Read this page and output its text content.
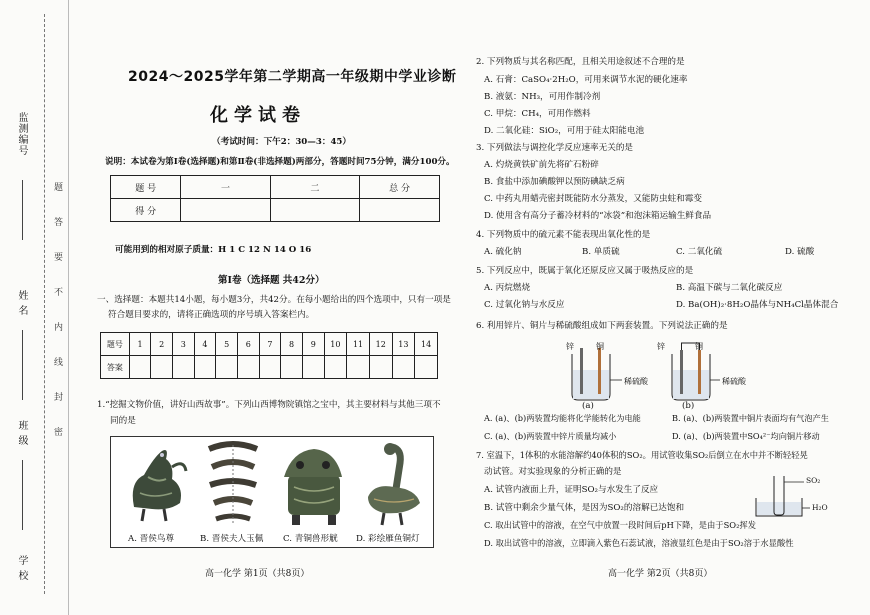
监测编号
姓 名
班 级
学 校
题
答
要
不
内
线
封
密
2024～2025学年第二学期高一年级期中学业诊断
化学试卷
（考试时间：下午2：30—3：45）
说明：本试卷为第Ⅰ卷(选择题)和第Ⅱ卷(非选择题)两部分，答题时间75分钟，满分100分。
题 号	一	二	总 分
得 分			
可能用到的相对原子质量：H 1 C 12 N 14 O 16
第Ⅰ卷（选择题 共42分）
一、选择题：本题共14小题，每小题3分，共42分。在每小题给出的四个选项中，只有一项是
符合题目要求的，请将正确选项的序号填入答案栏内。
题号	1	2	3	4	5	6	7	8	9	10	11	12	13	14
答案														
1.“挖掘文物价值，讲好山西故事”。下列山西博物院镇馆之宝中，其主要材料与其他三项不
同的是
A. 晋侯鸟尊	B. 晋侯夫人玉佩 C. 青铜兽形觥 D. 彩绘雁鱼铜灯
高一化学 第1页（共8页）
2. 下列物质与其名称匹配，且相关用途叙述不合理的是
A. 石膏：CaSO₄·2H₂O，可用来调节水泥的硬化速率
B. 液氨：NH₃，可用作制冷剂
C. 甲烷：CH₄，可用作燃料
D. 二氧化硅：SiO₂，可用于硅太阳能电池
3. 下列做法与调控化学反应速率无关的是
A. 灼烧黄铁矿前先将矿石粉碎
B. 食盐中添加碘酸钾以预防碘缺乏病
C. 中药丸用蜡壳密封既能防水分蒸发，又能防虫蛀和霉变
D. 使用含有高分子蓄冷材料的“冰袋”和泡沫箱运输生鲜食品
4. 下列物质中的硫元素不能表现出氧化性的是
A. 硫化钠	B. 单质硫	C. 二氧化硫	D. 硫酸
5. 下列反应中，既属于氧化还原反应又属于吸热反应的是
A. 丙烷燃烧	B. 高温下碳与二氧化碳反应
C. 过氧化钠与水反应	D. Ba(OH)₂·8H₂O晶体与NH₄Cl晶体混合
6. 利用锌片、铜片与稀硫酸组成如下两套装置。下列说法正确的是
锌	铜
稀硫酸
锌	铜
稀硫酸
(a)	(b)
A. (a)、(b)两装置均能将化学能转化为电能	B. (a)、(b)两装置中铜片表面均有气泡产生
C. (a)、(b)两装置中锌片质量均减小	D. (a)、(b)两装置中SO₄²⁻均向铜片移动
7. 室温下，1体积的水能溶解约40体积的SO₂。用试管收集SO₂后倒立在水中并不断轻轻晃
动试管。对实验现象的分析正确的是
SO₂
H₂O
A. 试管内液面上升，证明SO₂与水发生了反应
B. 试管中剩余少量气体，是因为SO₂的溶解已达饱和
C. 取出试管中的溶液，在空气中放置一段时间后pH下降，是由于SO₂挥发
D. 取出试管中的溶液，立即滴入紫色石蕊试液，溶液显红色是由于SO₂溶于水显酸性
高一化学 第2页（共8页）
